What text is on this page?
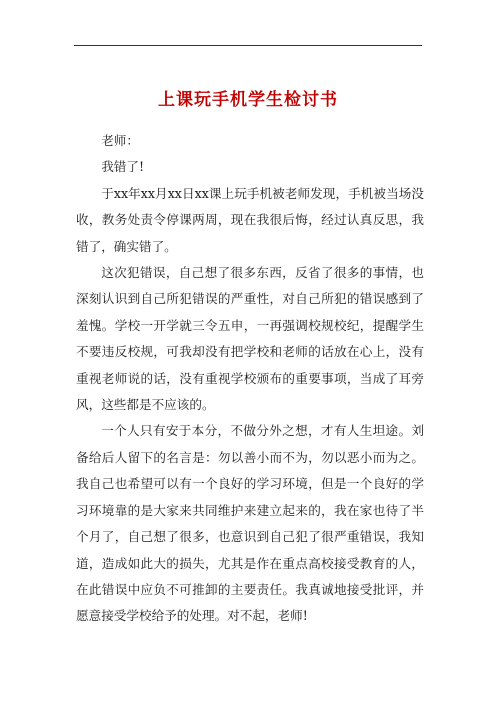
上课玩手机学生检讨书

老师：

我错了!

于xx年xx月xx日xx课上玩手机被老师发现，手机被当场没收，教务处责令停课两周，现在我很后悔，经过认真反思，我错了，确实错了。

这次犯错误，自己想了很多东西，反省了很多的事情，也深刻认识到自己所犯错误的严重性，对自己所犯的错误感到了羞愧。学校一开学就三令五申，一再强调校规校纪，提醒学生不要违反校规，可我却没有把学校和老师的话放在心上，没有重视老师说的话，没有重视学校颁布的重要事项，当成了耳旁风，这些都是不应该的。

一个人只有安于本分，不做分外之想，才有人生坦途。刘备给后人留下的名言是：勿以善小而不为，勿以恶小而为之。我自己也希望可以有一个良好的学习环境，但是一个良好的学习环境靠的是大家来共同维护来建立起来的，我在家也待了半个月了，自己想了很多，也意识到自己犯了很严重错误，我知道，造成如此大的损失，尤其是作在重点高校接受教育的人，在此错误中应负不可推卸的主要责任。我真诚地接受批评，并愿意接受学校给予的处理。对不起，老师!
